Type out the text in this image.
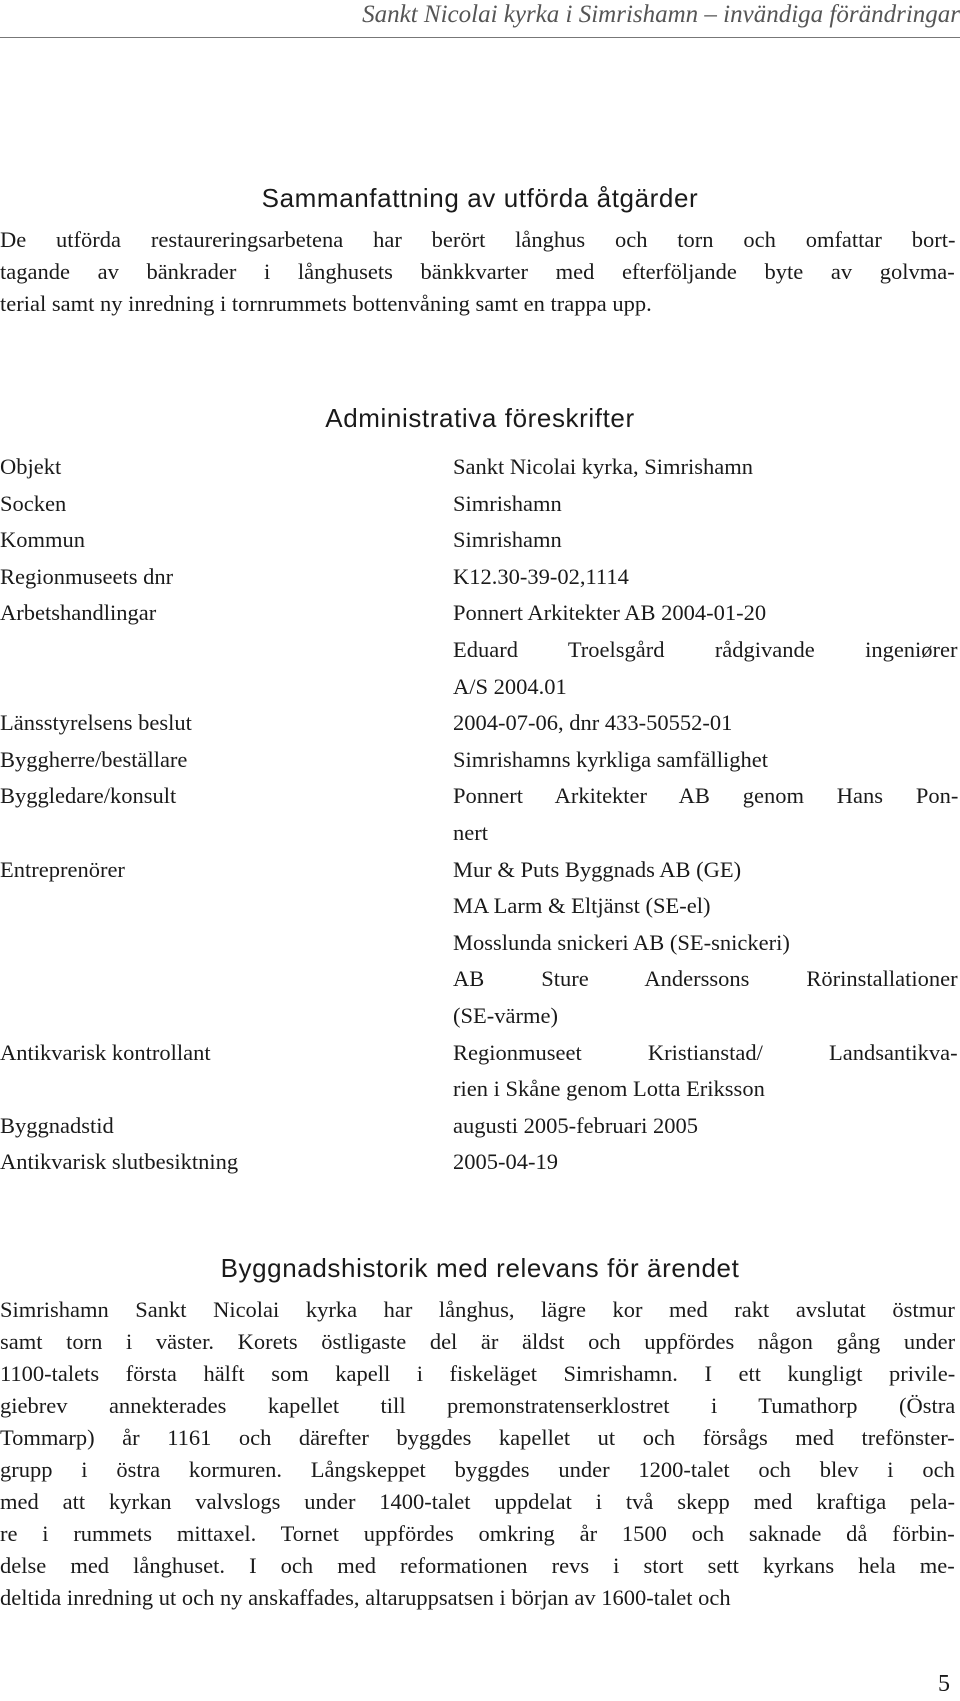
Sankt Nicolai kyrka i Simrishamn – invändiga förändringar
Sammanfattning av utförda åtgärder

De utförda restaureringsarbetena har berört långhus och torn och omfattar bort-
tagande av bänkrader i långhusets bänkkvarter med efterföljande byte av golvma-
terial samt ny inredning i tornrummets bottenvåning samt en trappa upp.

Administrativa föreskrifter
Objekt	Sankt Nicolai kyrka, Simrishamn
Socken	Simrishamn
Kommun	Simrishamn
Regionmuseets dnr	K12.30-39-02,1114
Arbetshandlingar	Ponnert Arkitekter AB 2004-01-20
Eduard Troelsgård rådgivande ingeniører
A/S 2004.01
Länsstyrelsens beslut	2004-07-06, dnr 433-50552-01
Byggherre/beställare	Simrishamns kyrkliga samfällighet
Byggledare/konsult	Ponnert Arkitekter AB genom Hans Pon-
nert
Entreprenörer	Mur & Puts Byggnads AB (GE)
MA Larm & Eltjänst (SE-el)
Mosslunda snickeri AB (SE-snickeri)
AB Sture Anderssons Rörinstallationer
(SE-värme)
Antikvarisk kontrollant	Regionmuseet Kristianstad/ Landsantikva-
rien i Skåne genom Lotta Eriksson
Byggnadstid	augusti 2005-februari 2005
Antikvarisk slutbesiktning	2005-04-19
Byggnadshistorik med relevans för ärendet

Simrishamn Sankt Nicolai kyrka har långhus, lägre kor med rakt avslutat östmur
samt torn i väster. Korets östligaste del är äldst och uppfördes någon gång under
1100-talets första hälft som kapell i fiskeläget Simrishamn. I ett kungligt privile-
giebrev annekterades kapellet till premonstratenserklostret i Tumathorp (Östra
Tommarp) år 1161 och därefter byggdes kapellet ut och försågs med trefönster-
grupp i östra kormuren. Långskeppet byggdes under 1200-talet och blev i och
med att kyrkan valvslogs under 1400-talet uppdelat i två skepp med kraftiga pela-
re i rummets mittaxel. Tornet uppfördes omkring år 1500 och saknade då förbin-
delse med långhuset. I och med reformationen revs i stort sett kyrkans hela me-
deltida inredning ut och ny anskaffades, altaruppsatsen i början av 1600-talet och

5
